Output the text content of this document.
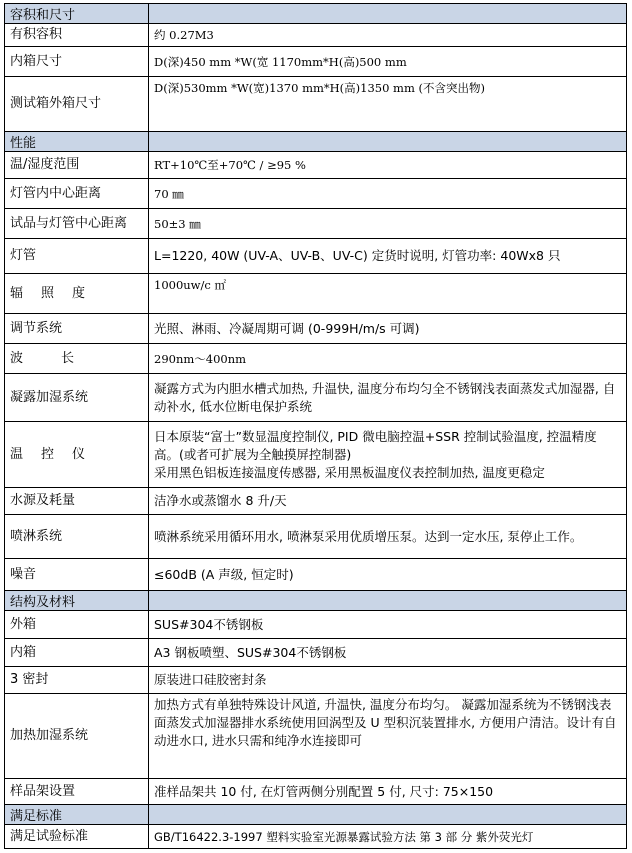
容积和尺寸	
有积容积	约 0.27M3
内箱尺寸	D(深)450 mm *W(宽 1170mm*H(高)500 mm
测试箱外箱尺寸	D(深)530mm *W(宽)1370 mm*H(高)1350 mm (不含突出物)
性能	
温/湿度范围	RT+10℃至+70℃ / ≥95 %
灯管内中心距离	70 ㎜
试品与灯管中心距离	50±3 ㎜
灯管	L=1220, 40W (UV-A、UV-B、UV-C) 定货时说明, 灯管功率: 40Wx8 只
辐照度	1000uw/c ㎡
调节系统	光照、淋雨、冷凝周期可调 (0-999H/m/s 可调)
波长	290nm～400nm
凝露加湿系统	凝露方式为内胆水槽式加热, 升温快, 温度分布均匀全不锈钢浅表面蒸发式加湿器, 自动补水, 低水位断电保护系统
温控仪	日本原装“富士”数显温度控制仪, PID 微电脑控温+SSR 控制试验温度, 控温精度高。(或者可扩展为全触摸屏控制器)
采用黑色铝板连接温度传感器, 采用黑板温度仪表控制加热, 温度更稳定

水源及耗量	洁净水或蒸馏水 8 升/天
喷淋系统	喷淋系统采用循环用水, 喷淋泵采用优质增压泵。达到一定水压, 泵停止工作。
噪音	≤60dB (A 声级, 恒定时)
结构及材料	
外箱	SUS#304不锈钢板
内箱	A3 钢板喷塑、SUS#304不锈钢板
3 密封	原装进口硅胶密封条
加热加湿系统	加热方式有单独特殊设计风道, 升温快, 温度分布均匀。 凝露加湿系统为不锈钢浅表面蒸发式加湿器排水系统使用回涡型及 U 型积沉装置排水, 方便用户清洁。设计有自动进水口, 进水只需和纯净水连接即可
样品架设置	准样品架共 10 付, 在灯管两侧分別配置 5 付, 尺寸: 75×150
满足标准	
满足试验标准	GB/T16422.3-1997 塑料实验室光源暴露试验方法 第 3 部 分 紫外荧光灯
